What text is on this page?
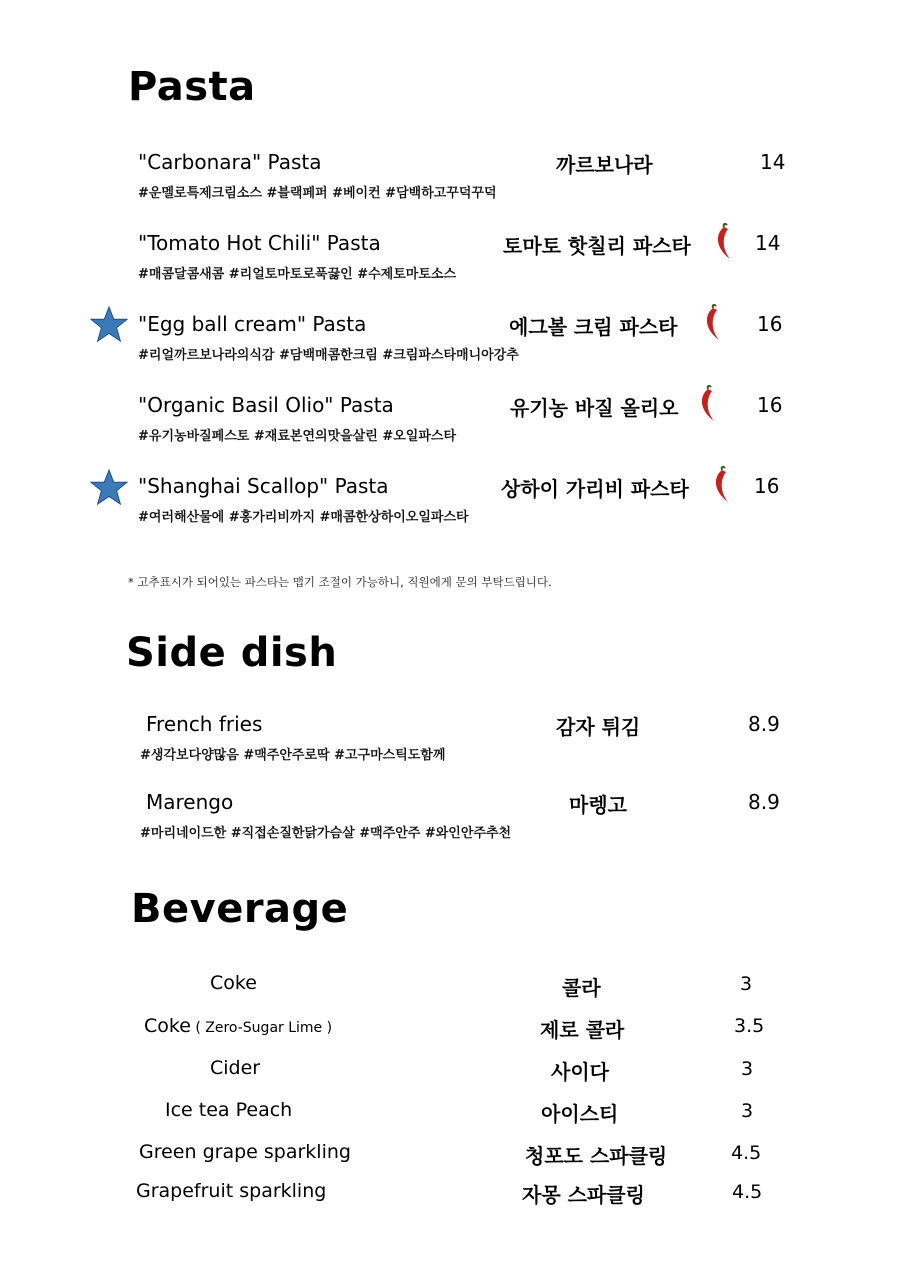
Pasta
"Carbonara" Pasta	까르보나라	14
#운멜로특제크림소스 #블랙페퍼 #베이컨 #담백하고꾸덕꾸덕
"Tomato Hot Chili" Pasta	토마토 핫칠리 파스타	14
#매콤달콤새콤 #리얼토마토로푹끓인 #수제토마토소스
"Egg ball cream" Pasta	에그볼 크림 파스타	16
#리얼까르보나라의식감 #담백매콤한크림 #크림파스타매니아강추
"Organic Basil Olio" Pasta	유기농 바질 올리오	16
#유기농바질페스토 #재료본연의맛을살린 #오일파스타
"Shanghai Scallop" Pasta	상하이 가리비 파스타	16
#여러해산물에 #홍가리비까지 #매콤한상하이오일파스타
* 고추표시가 되어있는 파스타는 맵기 조절이 가능하니, 직원에게 문의 부탁드립니다.
Side dish
French fries	감자 튀김	8.9
#생각보다양많음 #맥주안주로딱 #고구마스틱도함께
Marengo	마렝고	8.9
#마리네이드한 #직접손질한닭가슴살 #맥주안주 #와인안주추천
Beverage
Coke	콜라	3
Coke ( Zero-Sugar Lime )	제로 콜라	3.5
Cider	사이다	3
Ice tea Peach	아이스티	3
Green grape sparkling	청포도 스파클링	4.5
Grapefruit sparkling	자몽 스파클링	4.5
